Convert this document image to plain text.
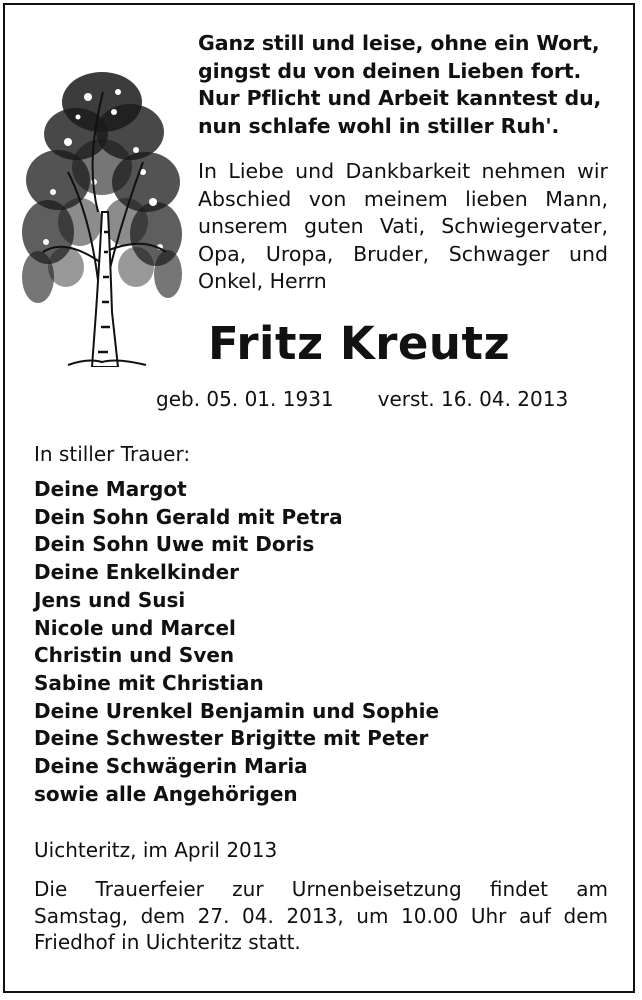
Ganz still und leise, ohne ein Wort,
gingst du von deinen Lieben fort.
Nur Pflicht und Arbeit kanntest du,
nun schlafe wohl in stiller Ruh'.
In Liebe und Dankbarkeit nehmen wir
Abschied von meinem lieben Mann,
unserem guten Vati, Schwiegervater,
Opa, Uropa, Bruder, Schwager und
Onkel, Herrn
Fritz Kreutz
geb. 05. 01. 1931 verst. 16. 04. 2013
In stiller Trauer:
Deine Margot
Dein Sohn Gerald mit Petra
Dein Sohn Uwe mit Doris
Deine Enkelkinder
Jens und Susi
Nicole und Marcel
Christin und Sven
Sabine mit Christian
Deine Urenkel Benjamin und Sophie
Deine Schwester Brigitte mit Peter
Deine Schwägerin Maria
sowie alle Angehörigen
Uichteritz, im April 2013
Die Trauerfeier zur Urnenbeisetzung findet am
Samstag, dem 27. 04. 2013, um 10.00 Uhr auf dem
Friedhof in Uichteritz statt.
